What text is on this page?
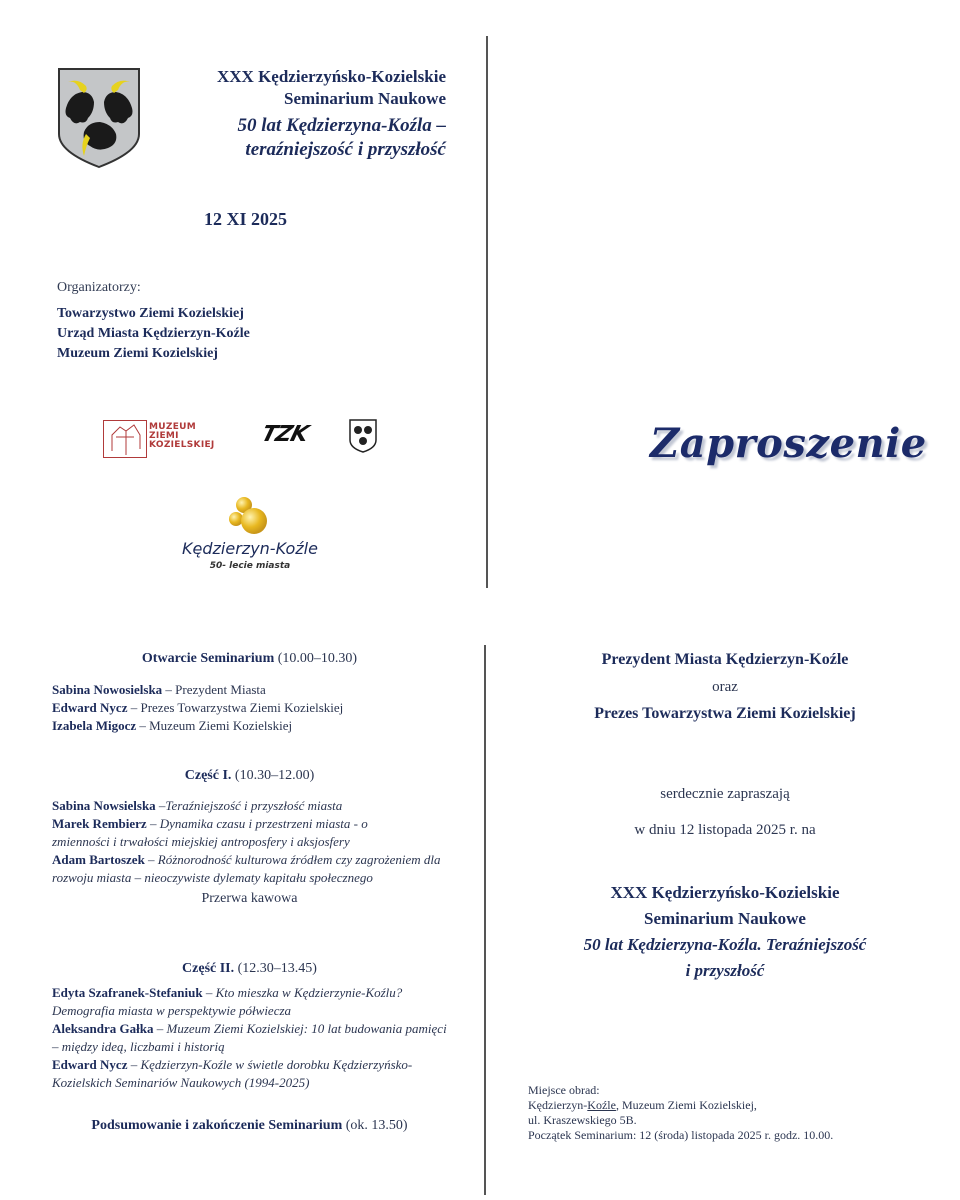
XXX Kędzierzyńsko-Kozielskie
Seminarium Naukowe
50 lat Kędzierzyna-Koźla –
teraźniejszość i przyszłość
12 XI 2025
Organizatorzy:
Towarzystwo Ziemi Kozielskiej
Urząd Miasta Kędzierzyn-Koźle
Muzeum Ziemi Kozielskiej
MUZEUM
ZIEMI
KOZIELSKIEJ TZK
Kędzierzyn-Koźle
50- lecie miasta
Zaproszenie
Otwarcie Seminarium (10.00–10.30)
Sabina Nowosielska – Prezydent Miasta
Edward Nycz – Prezes Towarzystwa Ziemi Kozielskiej
Izabela Migocz – Muzeum Ziemi Kozielskiej
Część I. (10.30–12.00)
Sabina Nowsielska –Teraźniejszość i przyszłość miasta
Marek Rembierz – Dynamika czasu i przestrzeni miasta - o zmienności i trwałości miejskiej antroposfery i aksjosfery
Adam Bartoszek – Różnorodność kulturowa źródłem czy zagrożeniem dla rozwoju miasta – nieoczywiste dylematy kapitału społecznego
Przerwa kawowa
Część II. (12.30–13.45)
Edyta Szafranek-Stefaniuk – Kto mieszka w Kędzierzynie-Koźlu? Demografia miasta w perspektywie półwiecza
Aleksandra Gałka – Muzeum Ziemi Kozielskiej: 10 lat budowania pamięci – między ideą, liczbami i historią
Edward Nycz – Kędzierzyn-Koźle w świetle dorobku Kędzierzyńsko-Kozielskich Seminariów Naukowych (1994-2025)
Podsumowanie i zakończenie Seminarium (ok. 13.50)
Prezydent Miasta Kędzierzyn-Koźle
oraz
Prezes Towarzystwa Ziemi Kozielskiej
serdecznie zapraszają
w dniu 12 listopada 2025 r. na
XXX Kędzierzyńsko-Kozielskie
Seminarium Naukowe
50 lat Kędzierzyna-Koźla. Teraźniejszość
i przyszłość
Miejsce obrad:
Kędzierzyn-Koźle, Muzeum Ziemi Kozielskiej,
ul. Kraszewskiego 5B.
Początek Seminarium: 12 (środa) listopada 2025 r. godz. 10.00.
